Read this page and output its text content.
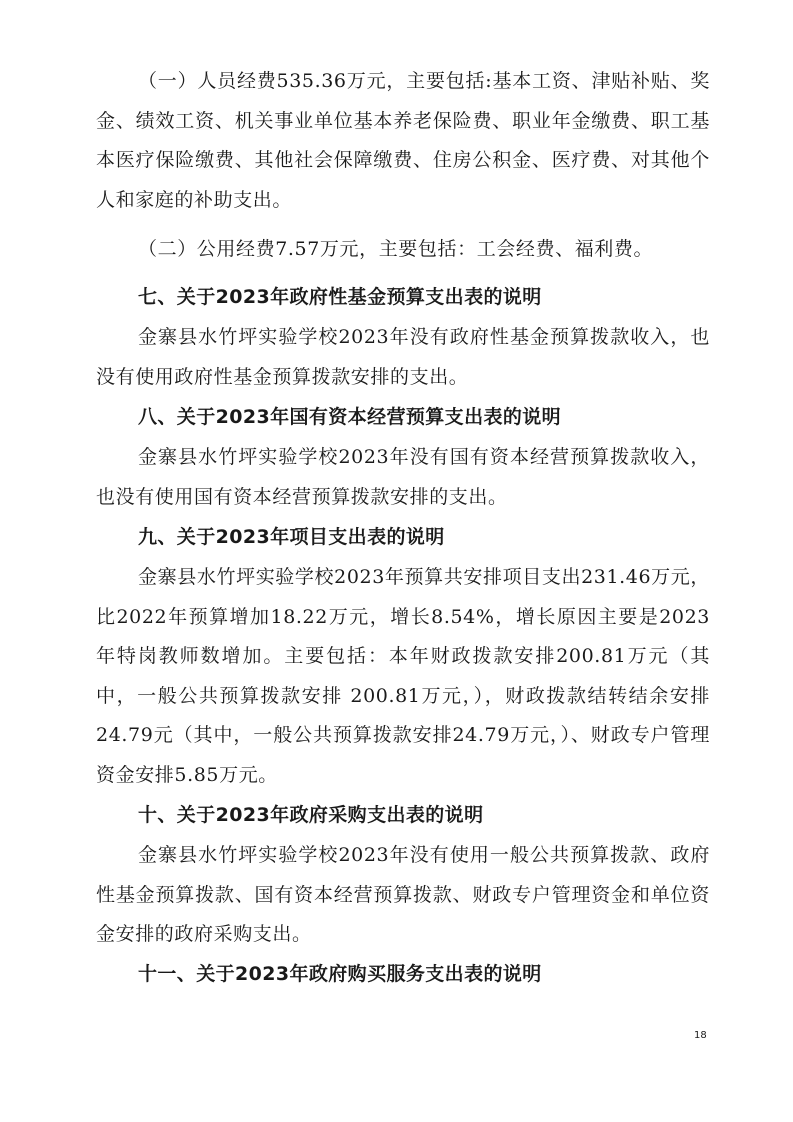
（一）人员经费535.36万元，主要包括:基本工资、津贴补贴、奖金、绩效工资、机关事业单位基本养老保险费、职业年金缴费、职工基本医疗保险缴费、其他社会保障缴费、住房公积金、医疗费、对其他个人和家庭的补助支出。

（二）公用经费7.57万元，主要包括：工会经费、福利费。

七、关于2023年政府性基金预算支出表的说明

金寨县水竹坪实验学校2023年没有政府性基金预算拨款收入，也没有使用政府性基金预算拨款安排的支出。

八、关于2023年国有资本经营预算支出表的说明

金寨县水竹坪实验学校2023年没有国有资本经营预算拨款收入，也没有使用国有资本经营预算拨款安排的支出。

九、关于2023年项目支出表的说明

金寨县水竹坪实验学校2023年预算共安排项目支出231.46万元，比2022年预算增加18.22万元，增长8.54%，增长原因主要是2023年特岗教师数增加。主要包括：本年财政拨款安排200.81万元（其中，一般公共预算拨款安排 200.81万元，），财政拨款结转结余安排24.79元（其中，一般公共预算拨款安排24.79万元，）、财政专户管理资金安排5.85万元。

十、关于2023年政府采购支出表的说明

金寨县水竹坪实验学校2023年没有使用一般公共预算拨款、政府性基金预算拨款、国有资本经营预算拨款、财政专户管理资金和单位资金安排的政府采购支出。

十一、关于2023年政府购买服务支出表的说明
18
